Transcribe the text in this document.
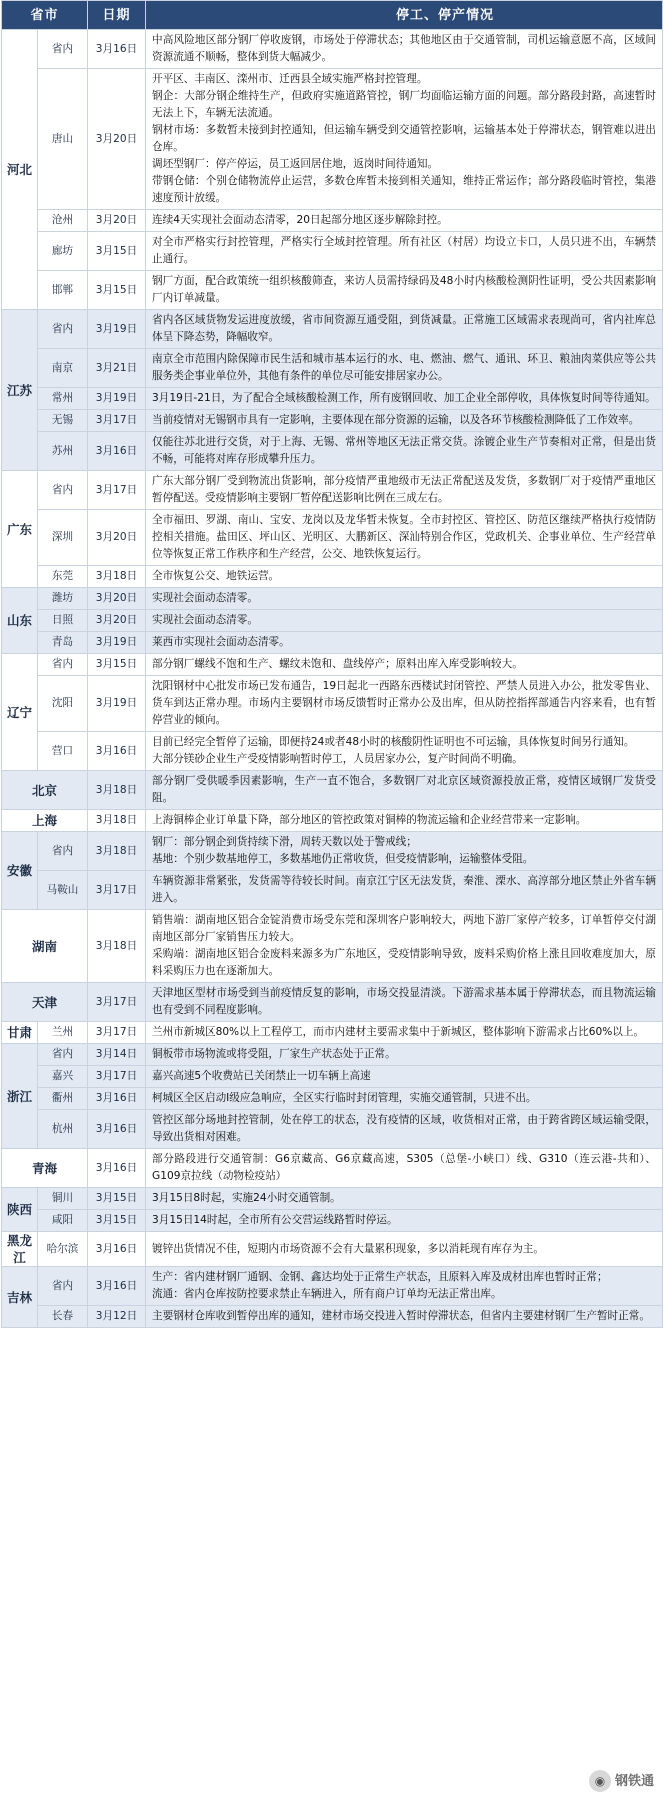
省市		日期	停工、停产情况
河北	省内	3月16日	中高风险地区部分钢厂停收废钢，市场处于停滞状态；其他地区由于交通管制，司机运输意愿不高，区域间资源流通不顺畅，整体到货大幅减少。

	唐山	3月20日	开平区、丰南区、滦州市、迁西县全域实施严格封控管理。
钢企：大部分钢企维持生产，但政府实施道路管控，钢厂均面临运输方面的问题。部分路段封路，高速暂时无法上下，车辆无法流通。
钢材市场：多数暂未接到封控通知，但运输车辆受到交通管控影响，运输基本处于停滞状态，钢管难以进出仓库。
调坯型钢厂：停产停运，员工返回居住地，返岗时间待通知。
带钢仓储：个别仓储物流停止运营，多数仓库暂未接到相关通知，维持正常运作；部分路段临时管控，集港速度预计放缓。

	沧州	3月20日	连续4天实现社会面动态清零，20日起部分地区逐步解除封控。

	廊坊	3月15日	对全市严格实行封控管理，严格实行全域封控管理。所有社区（村居）均设立卡口，人员只进不出，车辆禁止通行。

	邯郸	3月15日	钢厂方面，配合政策统一组织核酸筛查，来访人员需持绿码及48小时内核酸检测阴性证明，受公共因素影响厂内订单减量。

江苏	省内	3月19日	省内各区域货物发运进度放缓，省市间资源互通受阻，到货减量。正常施工区域需求表现尚可，省内社库总体呈下降态势，降幅收窄。

	南京	3月21日	南京全市范围内除保障市民生活和城市基本运行的水、电、燃油、燃气、通讯、环卫、粮油肉菜供应等公共服务类企事业单位外，其他有条件的单位尽可能安排居家办公。

	常州	3月19日	3月19日-21日，为了配合全域核酸检测工作，所有废钢回收、加工企业全部停收，具体恢复时间等待通知。

	无锡	3月17日	当前疫情对无锡钢市具有一定影响，主要体现在部分资源的运输，以及各环节核酸检测降低了工作效率。

	苏州	3月16日	仅能往苏北进行交货，对于上海、无锡、常州等地区无法正常交货。涂镀企业生产节奏相对正常，但是出货不畅，可能将对库存形成攀升压力。

广东	省内	3月17日	广东大部分钢厂受到物流出货影响，部分疫情严重地级市无法正常配送及发货，多数钢厂对于疫情严重地区暂停配送。受疫情影响主要钢厂暂停配送影响比例在三成左右。

	深圳	3月20日	全市福田、罗湖、南山、宝安、龙岗以及龙华暂未恢复。全市封控区、管控区、防范区继续严格执行疫情防控相关措施。盐田区、坪山区、光明区、大鹏新区、深汕特别合作区，党政机关、企事业单位、生产经营单位等恢复正常工作秩序和生产经营，公交、地铁恢复运行。

	东莞	3月18日	全市恢复公交、地铁运营。

山东	潍坊	3月20日	实现社会面动态清零。

	日照	3月20日	实现社会面动态清零。

	青岛	3月19日	莱西市实现社会面动态清零。

辽宁	省内	3月15日	部分钢厂螺线不饱和生产、螺纹未饱和、盘线停产；原料出库入库受影响较大。

	沈阳	3月19日	沈阳钢材中心批发市场已发布通告，19日起北一西路东西楼试封闭管控、严禁人员进入办公，批发零售业、货车到达正常办理。市场内主要钢材市场反馈暂时正常办公及出库，但从防控指挥部通告内容来看，也有暂停营业的倾向。

	营口	3月16日	目前已经完全暂停了运输，即便持24或者48小时的核酸阴性证明也不可运输，具体恢复时间另行通知。
大部分镁砂企业生产受疫情影响暂时停工，人员居家办公，复产时间尚不明确。

北京		3月18日	部分钢厂受供暖季因素影响，生产一直不饱合，多数钢厂对北京区域资源投放正常，疫情区域钢厂发货受阻。

上海		3月18日	上海铜棒企业订单量下降，部分地区的管控政策对铜棒的物流运输和企业经营带来一定影响。

安徽	省内	3月18日	钢厂：部分钢企到货持续下滑，周转天数以处于警戒线；
基地：个别少数基地停工，多数基地仍正常收货，但受疫情影响，运输整体受阻。

	马鞍山	3月17日	车辆资源非常紧张，发货需等待较长时间。南京江宁区无法发货，秦淮、溧水、高淳部分地区禁止外省车辆进入。

湖南		3月18日	销售端：湖南地区铝合金锭消费市场受东莞和深圳客户影响较大，两地下游厂家停产较多，订单暂停交付湖南地区部分厂家销售压力较大。
采购端：湖南地区铝合金废料来源多为广东地区，受疫情影响导致，废料采购价格上涨且回收难度加大，原料采购压力也在逐渐加大。

天津		3月17日	天津地区型材市场受到当前疫情反复的影响，市场交投显清淡。下游需求基本属于停滞状态，而且物流运输也有受到不同程度影响。

甘肃	兰州	3月17日	兰州市新城区80%以上工程停工，而市内建材主要需求集中于新城区，整体影响下游需求占比60%以上。

浙江	省内	3月14日	铜板带市场物流或将受阻，厂家生产状态处于正常。

	嘉兴	3月17日	嘉兴高速5个收费站已关闭禁止一切车辆上高速

	衢州	3月16日	柯城区全区启动Ⅰ级应急响应，全区实行临时封闭管理，实施交通管制，只进不出。

	杭州	3月16日	管控区部分场地封控管制，处在停工的状态，没有疫情的区域，收货相对正常，由于跨省跨区域运输受限，导致出货相对困难。

青海		3月16日	部分路段进行交通管制：G6京藏高、G6京藏高速，S305（总堡-小峡口）线、G310（连云港-共和）、G109京拉线（动物检疫站）

陕西	铜川	3月15日	3月15日8时起，实施24小时交通管制。

	咸阳	3月15日	3月15日14时起，全市所有公交营运线路暂时停运。

黑龙江	哈尔滨	3月16日	镀锌出货情况不佳，短期内市场资源不会有大量累积现象，多以消耗现有库存为主。

吉林	省内	3月16日	生产：省内建材钢厂通钢、金钢、鑫达均处于正常生产状态，且原料入库及成材出库也暂时正常；
流通：省内仓库按防控要求禁止车辆进入，所有商户订单均无法正常出库。

	长春	3月12日	主要钢材仓库收到暂停出库的通知，建材市场交投进入暂时停滞状态，但省内主要建材钢厂生产暂时正常。
◉ 钢铁通
